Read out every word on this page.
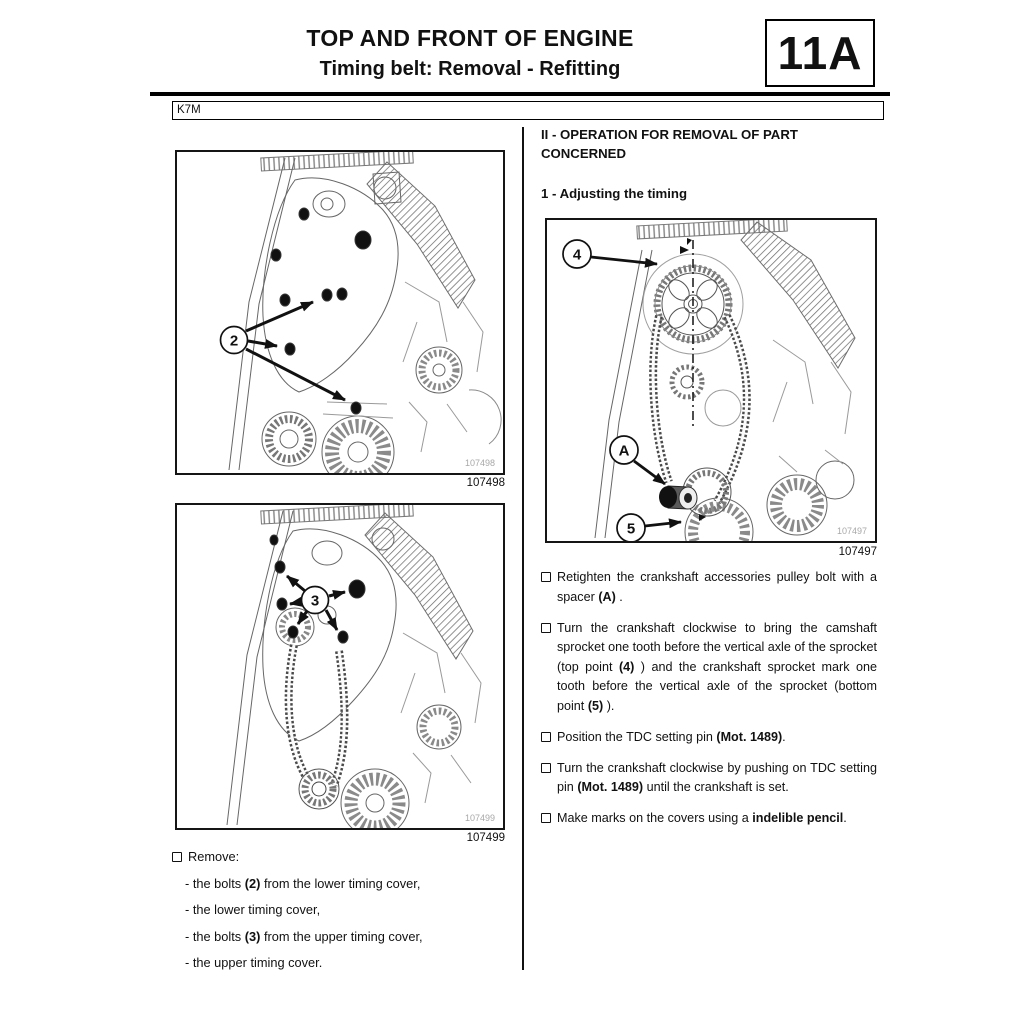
TOP AND FRONT OF ENGINE
Timing belt: Removal - Refitting	11A
K7M
2
107498
107498
3
107499
107499
4
A
5	107497
107497
II - OPERATION FOR REMOVAL OF PART CONCERNED
1 - Adjusting the timing
Retighten the crankshaft accessories pulley bolt with a spacer (A) .
Turn the crankshaft clockwise to bring the camshaft sprocket one tooth before the vertical axle of the sprocket (top point (4) ) and the crankshaft sprocket mark one tooth before the vertical axle of the sprocket (bottom point (5) ).
Position the TDC setting pin (Mot. 1489).
Turn the crankshaft clockwise by pushing on TDC setting pin (Mot. 1489) until the crankshaft is set.
Make marks on the covers using a indelible pencil.
Remove:
- the bolts (2) from the lower timing cover,
- the lower timing cover,
- the bolts (3) from the upper timing cover,
- the upper timing cover.
